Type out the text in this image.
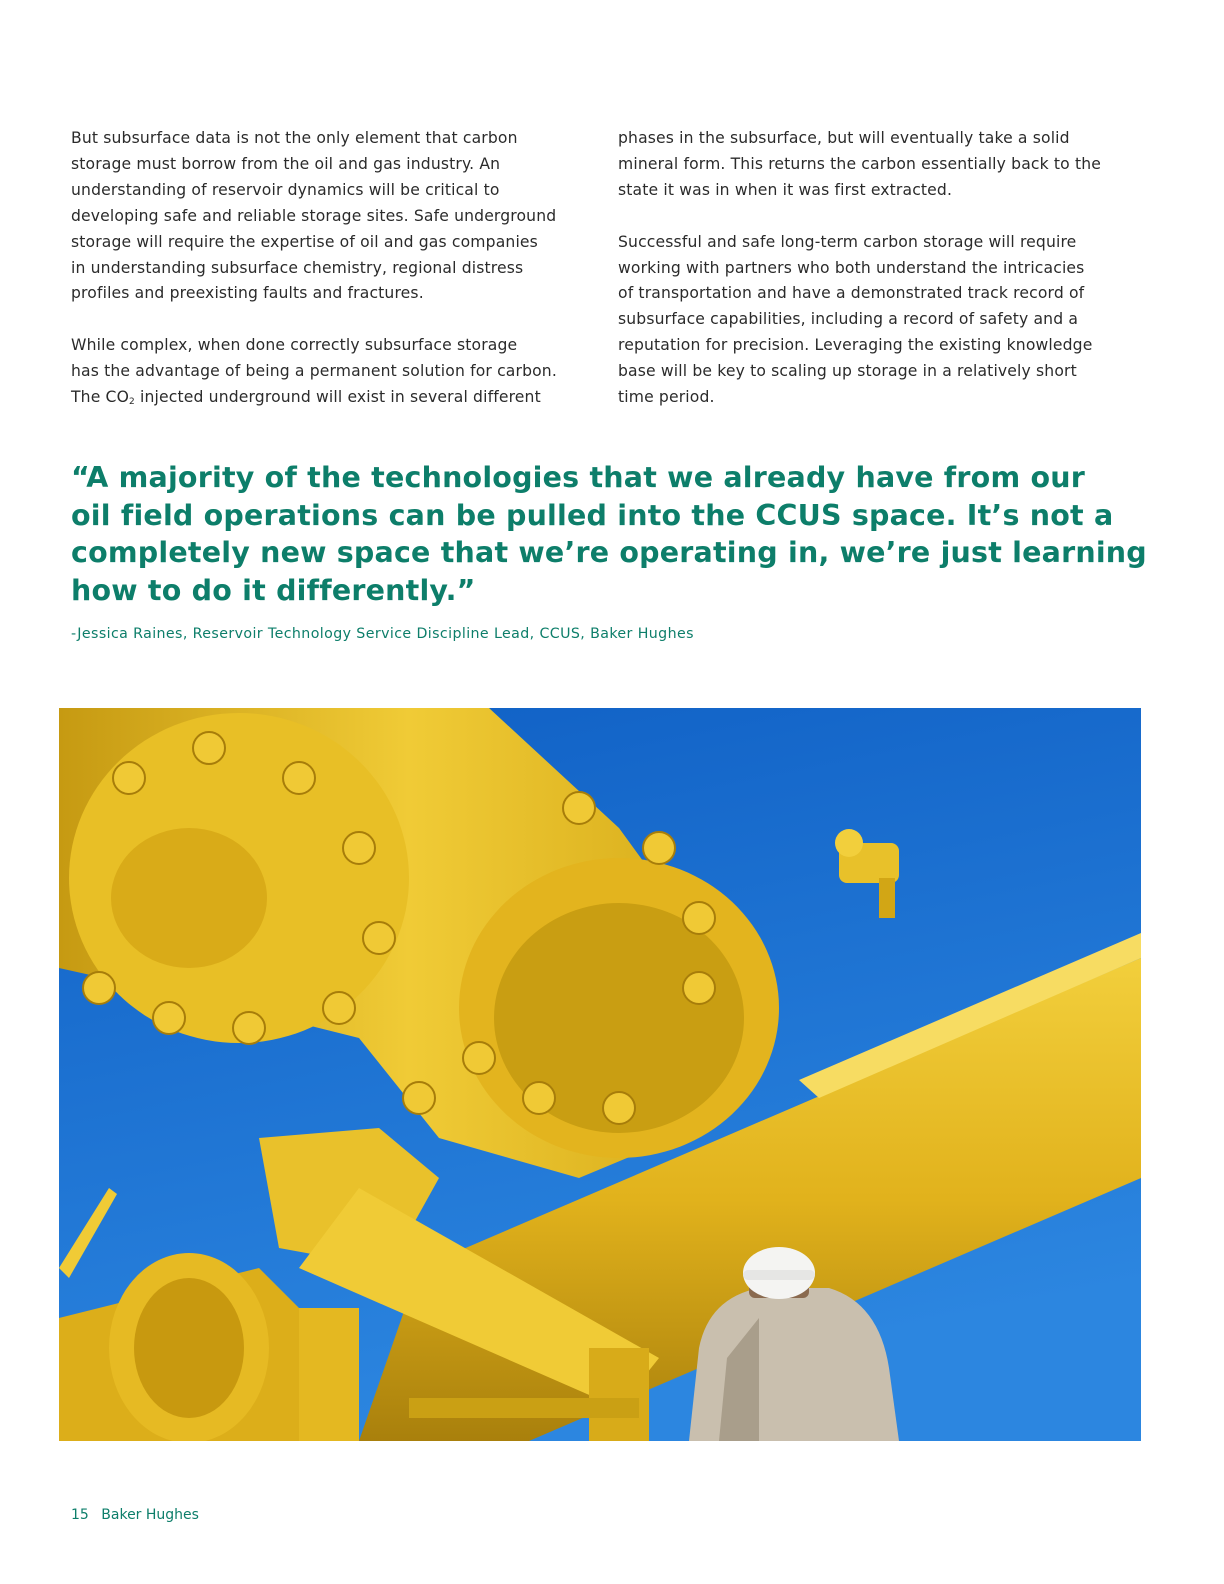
But subsurface data is not the only element that carbon
storage must borrow from the oil and gas industry. An
understanding of reservoir dynamics will be critical to
developing safe and reliable storage sites. Safe underground
storage will require the expertise of oil and gas companies
in understanding subsurface chemistry, regional distress
profiles and preexisting faults and fractures.

While complex, when done correctly subsurface storage
has the advantage of being a permanent solution for carbon.
The $CO_2$ injected underground will exist in several different

phases in the subsurface, but will eventually take a solid
mineral form. This returns the carbon essentially back to the
state it was in when it was first extracted.

Successful and safe long-term carbon storage will require
working with partners who both understand the intricacies
of transportation and have a demonstrated track record of
subsurface capabilities, including a record of safety and a
reputation for precision. Leveraging the existing knowledge
base will be key to scaling up storage in a relatively short
time period.

“A majority of the technologies that we already have from our
oil field operations can be pulled into the CCUS space. It’s not a
completely new space that we’re operating in, we’re just learning
how to do it differently.”
-Jessica Raines, Reservoir Technology Service Discipline Lead, CCUS, Baker Hughes
15 Baker Hughes
